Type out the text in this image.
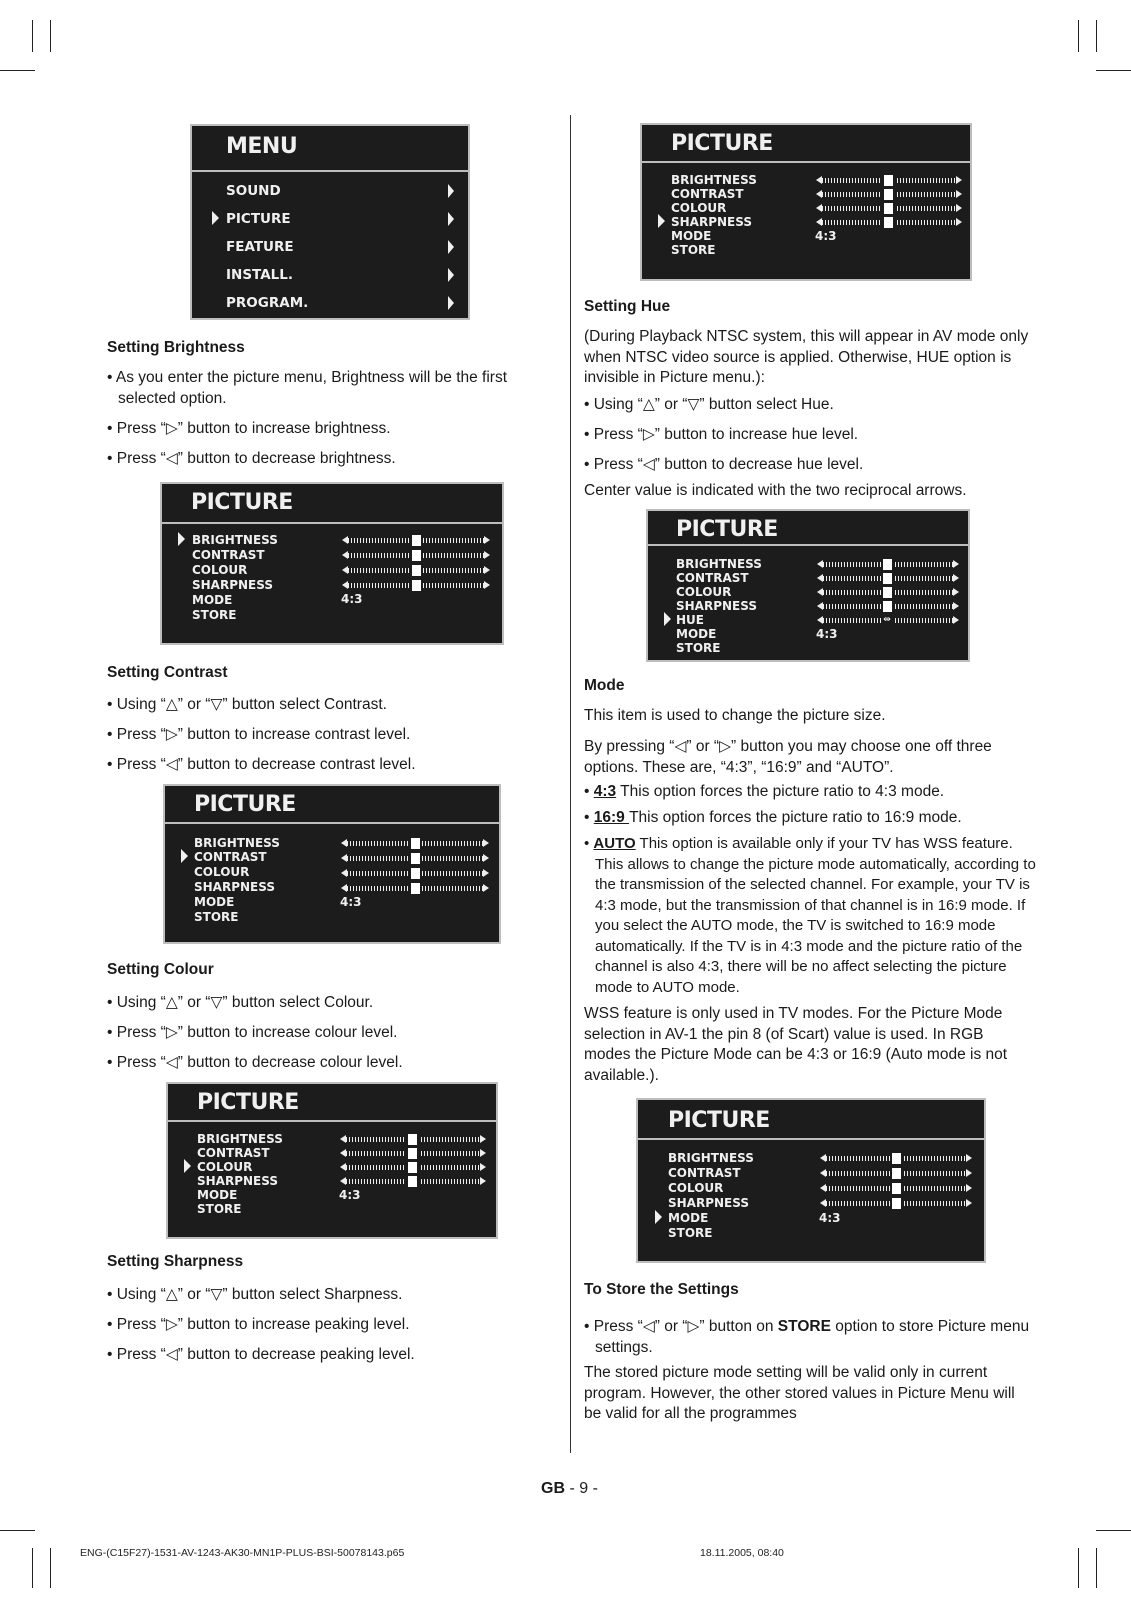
MENU
SOUND
PICTURE
FEATURE
INSTALL.
PROGRAM.
Setting Brightness
• As you enter the picture menu, Brightness will be the first selected option.
• Press “▷” button to increase brightness.
• Press “◁” button to decrease brightness.
PICTURE
BRIGHTNESS
CONTRAST
COLOUR
SHARPNESS
MODE
STORE
4:3
Setting Contrast
• Using “△” or “▽” button select Contrast.
• Press “▷” button to increase contrast level.
• Press “◁” button to decrease contrast level.
PICTURE
BRIGHTNESS
CONTRAST
COLOUR
SHARPNESS
MODE
STORE
4:3
Setting Colour
• Using “△” or “▽” button select Colour.
• Press “▷” button to increase colour level.
• Press “◁” button to decrease colour level.
PICTURE
BRIGHTNESS
CONTRAST
COLOUR
SHARPNESS
MODE
STORE
4:3
Setting Sharpness
• Using “△” or “▽” button select Sharpness.
• Press “▷” button to increase peaking level.
• Press “◁” button to decrease peaking level.
PICTURE
BRIGHTNESS
CONTRAST
COLOUR
SHARPNESS
MODE
STORE
4:3
Setting Hue
(During Playback NTSC system, this will appear in AV mode only when NTSC video source is applied. Otherwise, HUE option is invisible in Picture menu.):
• Using “△” or “▽” button select Hue.
• Press “▷” button to increase hue level.
• Press “◁” button to decrease hue level.
Center value is indicated with the two reciprocal arrows.
PICTURE
BRIGHTNESS
CONTRAST
COLOUR
SHARPNESS
HUE
MODE
STORE
⇹
4:3
Mode
This item is used to change the picture size.
By pressing “◁” or “▷” button you may choose one off three options. These are, “4:3”, “16:9” and “AUTO”.
• 4:3 This option forces the picture ratio to 4:3 mode.
• 16:9 This option forces the picture ratio to 16:9 mode.
• AUTO This option is available only if your TV has WSS feature. This allows to change the picture mode automatically, according to the transmission of the selected channel. For example, your TV is 4:3 mode, but the transmission of that channel is in 16:9 mode. If you select the AUTO mode, the TV is switched to 16:9 mode automatically. If the TV is in 4:3 mode and the picture ratio of the channel is also 4:3, there will be no affect selecting the picture mode to AUTO mode.
WSS feature is only used in TV modes. For the Picture Mode selection in AV-1 the pin 8 (of Scart) value is used. In RGB modes the Picture Mode can be 4:3 or 16:9 (Auto mode is not available.).
PICTURE
BRIGHTNESS
CONTRAST
COLOUR
SHARPNESS
MODE
STORE
4:3
To Store the Settings
• Press “◁” or “▷” button on STORE option to store Picture menu settings.
The stored picture mode setting will be valid only in current program. However, the other stored values in Picture Menu will be valid for all the programmes
GB - 9 -
ENG-(C15F27)-1531-AV-1243-AK30-MN1P-PLUS-BSI-50078143.p65	18.11.2005, 08:40
